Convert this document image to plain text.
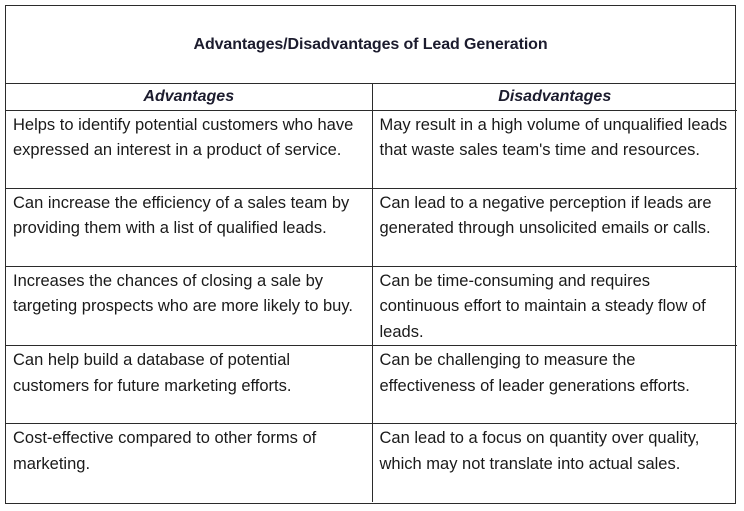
Advantages/Disadvantages of Lead Generation
Advantages	Disadvantages
Helps to identify potential customers who have expressed an interest in a product of service.	May result in a high volume of unqualified leads that waste sales team's time and resources.
Can increase the efficiency of a sales team by providing them with a list of qualified leads.	Can lead to a negative perception if leads are generated through unsolicited emails or calls.
Increases the chances of closing a sale by targeting prospects who are more likely to buy.	Can be time-consuming and requires continuous effort to maintain a steady flow of leads.
Can help build a database of potential customers for future marketing efforts.	Can be challenging to measure the effectiveness of leader generations efforts.
Cost-effective compared to other forms of marketing.	Can lead to a focus on quantity over quality, which may not translate into actual sales.
